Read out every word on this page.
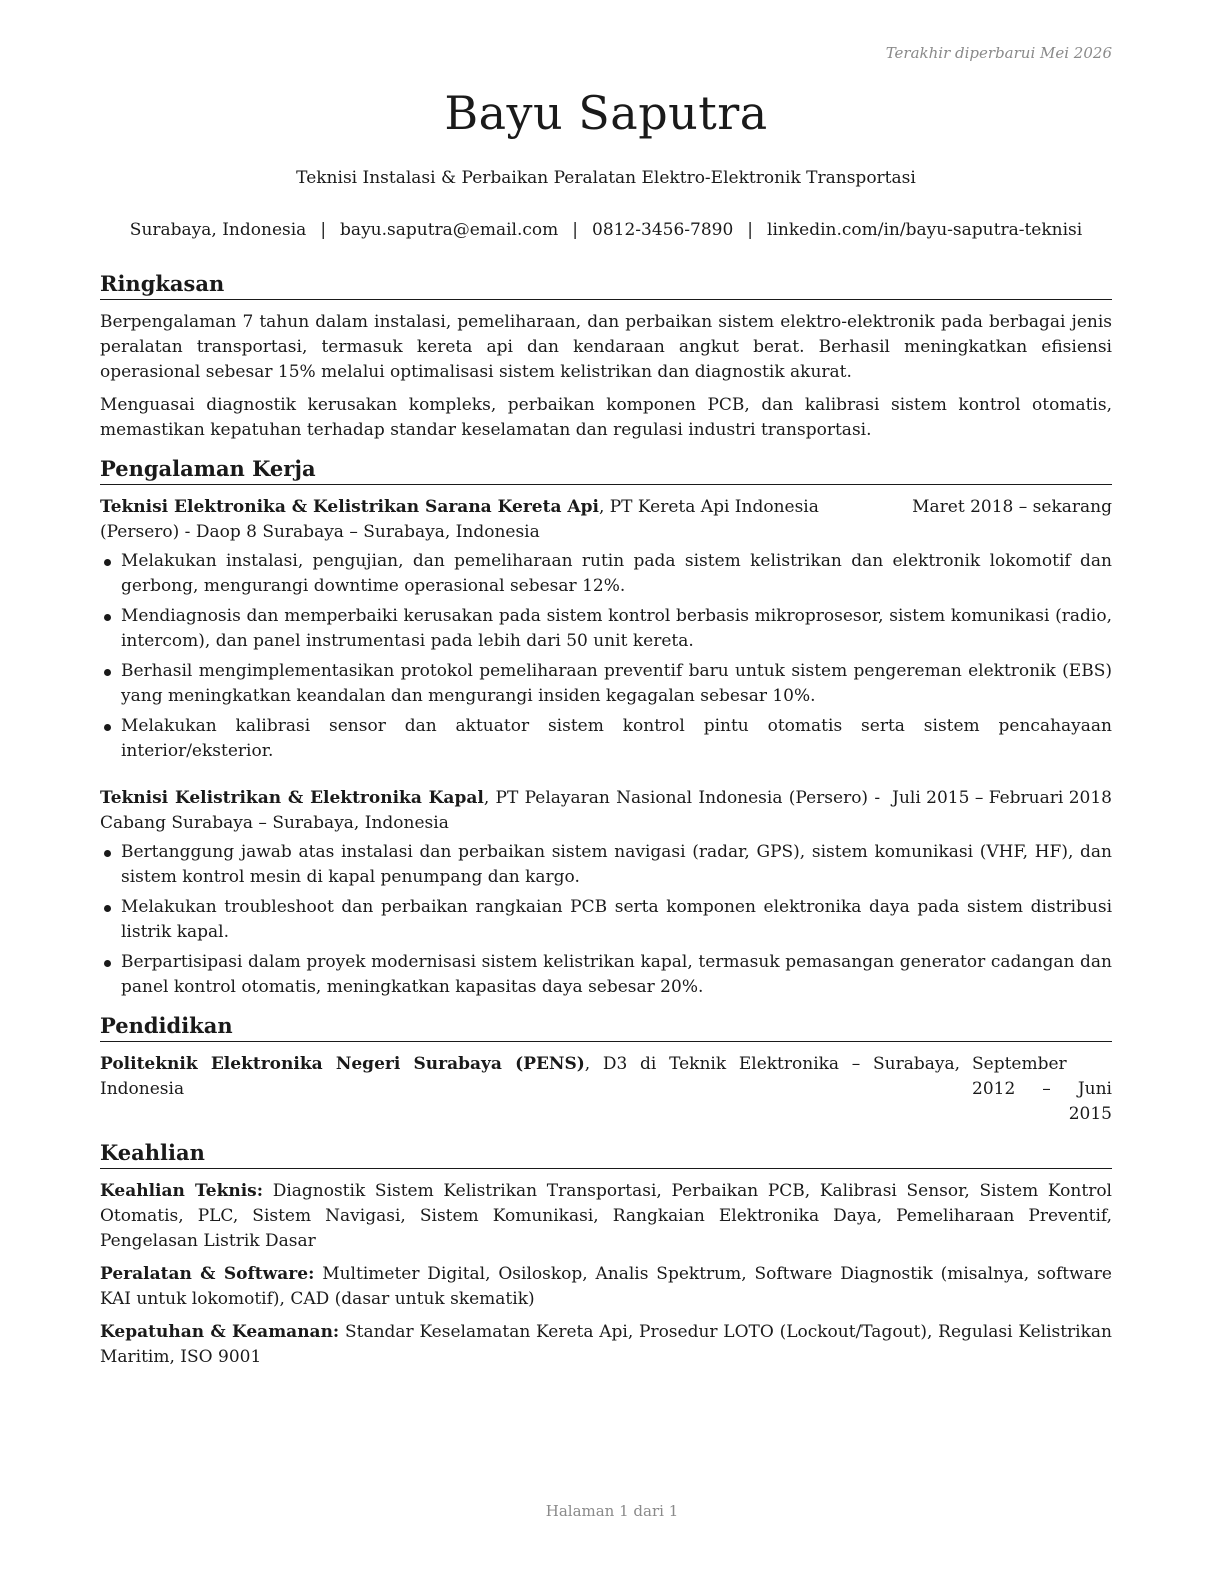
Terakhir diperbarui Mei 2026
Bayu Saputra
Teknisi Instalasi & Perbaikan Peralatan Elektro-Elektronik Transportasi
Surabaya, Indonesia | bayu.saputra@email.com | 0812-3456-7890 | linkedin.com/in/bayu-saputra-teknisi
Ringkasan

Berpengalaman 7 tahun dalam instalasi, pemeliharaan, dan perbaikan sistem elektro-elektronik pada berbagai jenis peralatan transportasi, termasuk kereta api dan kendaraan angkut berat. Berhasil meningkatkan efisiensi operasional sebesar 15% melalui optimalisasi sistem kelistrikan dan diagnostik akurat.

Menguasai diagnostik kerusakan kompleks, perbaikan komponen PCB, dan kalibrasi sistem kontrol otomatis, memastikan kepatuhan terhadap standar keselamatan dan regulasi industri transportasi.

Pengalaman Kerja
Maret 2018 – sekarang
Teknisi Elektronika & Kelistrikan Sarana Kereta Api, PT Kereta Api Indonesia (Persero) - Daop 8 Surabaya – Surabaya, Indonesia
Melakukan instalasi, pengujian, dan pemeliharaan rutin pada sistem kelistrikan dan elektronik lokomotif dan gerbong, mengurangi downtime operasional sebesar 12%.
Mendiagnosis dan memperbaiki kerusakan pada sistem kontrol berbasis mikroprosesor, sistem komunikasi (radio, intercom), dan panel instrumentasi pada lebih dari 50 unit kereta.
Berhasil mengimplementasikan protokol pemeliharaan preventif baru untuk sistem pengereman elektronik (EBS) yang meningkatkan keandalan dan mengurangi insiden kegagalan sebesar 10%.
Melakukan kalibrasi sensor dan aktuator sistem kontrol pintu otomatis serta sistem pencahayaan interior/eksterior.
Teknisi Kelistrikan & Elektronika Kapal, PT Pelayaran Nasional Indonesia (Persero) - Cabang Surabaya – Surabaya, Indonesia
Juli 2015 – Februari 2018
Bertanggung jawab atas instalasi dan perbaikan sistem navigasi (radar, GPS), sistem komunikasi (VHF, HF), dan sistem kontrol mesin di kapal penumpang dan kargo.
Melakukan troubleshoot dan perbaikan rangkaian PCB serta komponen elektronika daya pada sistem distribusi listrik kapal.
Berpartisipasi dalam proyek modernisasi sistem kelistrikan kapal, termasuk pemasangan generator cadangan dan panel kontrol otomatis, meningkatkan kapasitas daya sebesar 20%.
Pendidikan
Politeknik Elektronika Negeri Surabaya (PENS), D3 di Teknik Elektronika – Surabaya, Indonesia
September 2012 – Juni 2015
Keahlian

Keahlian Teknis: Diagnostik Sistem Kelistrikan Transportasi, Perbaikan PCB, Kalibrasi Sensor, Sistem Kontrol Otomatis, PLC, Sistem Navigasi, Sistem Komunikasi, Rangkaian Elektronika Daya, Pemeliharaan Preventif, Pengelasan Listrik Dasar

Peralatan & Software: Multimeter Digital, Osiloskop, Analis Spektrum, Software Diagnostik (misalnya, software KAI untuk lokomotif), CAD (dasar untuk skematik)

Kepatuhan & Keamanan: Standar Keselamatan Kereta Api, Prosedur LOTO (Lockout/Tagout), Regulasi Kelistrikan Maritim, ISO 9001

Halaman 1 dari 1
